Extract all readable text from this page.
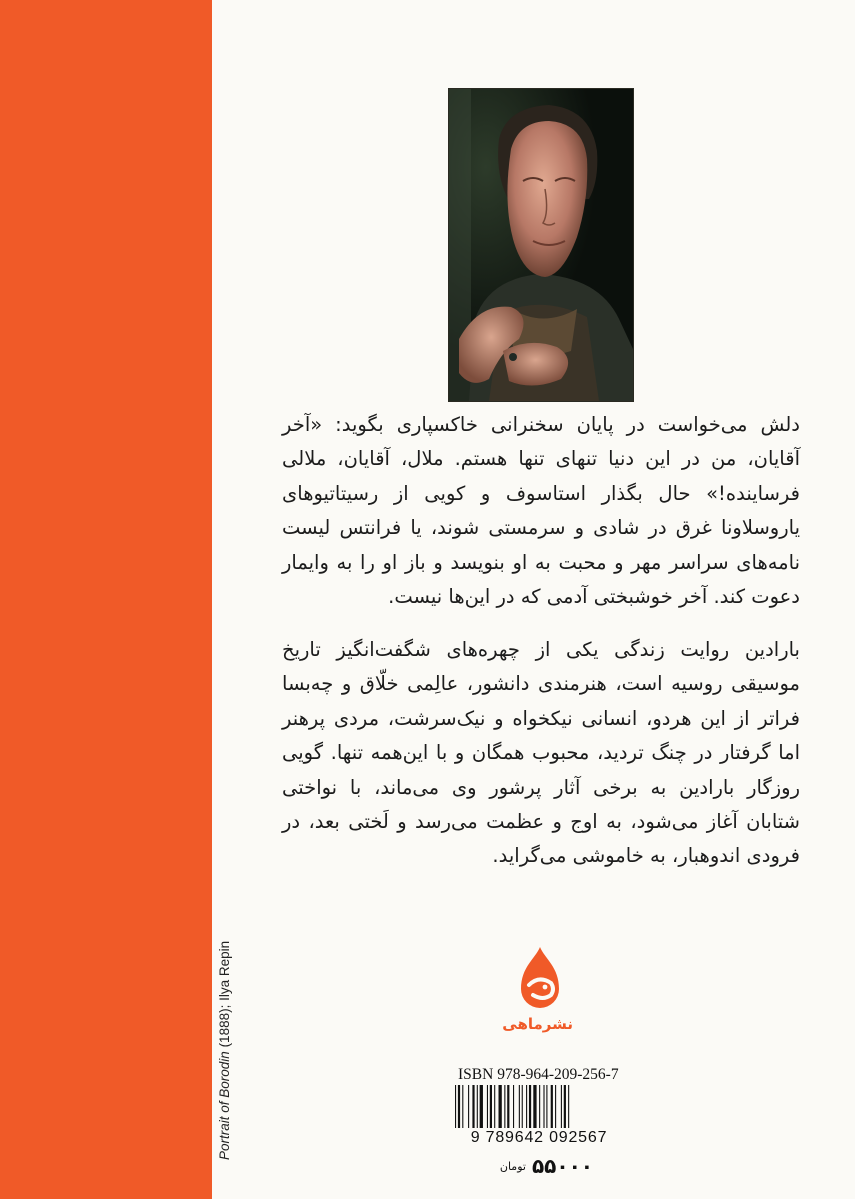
Portrait of Borodin (1888); Ilya Repin

دلش می‌خواست در پایان سخنرانی خاکسپاری بگوید: «آخر آقایان، من در این دنیا تنهای تنها هستم. ملال، آقایان، ملالی فرساینده!» حال بگذار استاسوف و کویی از رسیتاتیوهای یاروسلاونا غرق در شادی و سرمستی شوند، یا فرانتس لیست نامه‌های سراسر مهر و محبت به او بنویسد و باز او را به وایمار دعوت کند. آخر خوشبختی آدمی که در این‌ها نیست.

بارادین روایت زندگی یکی از چهره‌های شگفت‌انگیز تاریخ موسیقی روسیه است، هنرمندی دانشور، عالِمی خلّاق و چه‌بسا فراتر از این هردو، انسانی نیکخواه و نیک‌سرشت، مردی پرهنر اما گرفتار در چنگ تردید، محبوب همگان و با این‌همه تنها. گویی روزگار بارادین به برخی آثار پرشور وی می‌ماند، با نواختی شتابان آغاز می‌شود، به اوج و عظمت می‌رسد و لَختی بعد، در فرودی اندوهبار، به خاموشی می‌گراید.

نشرماهی
ISBN 978-964-209-256-7
9 789642 092567
۵۵۰۰۰
تومان
